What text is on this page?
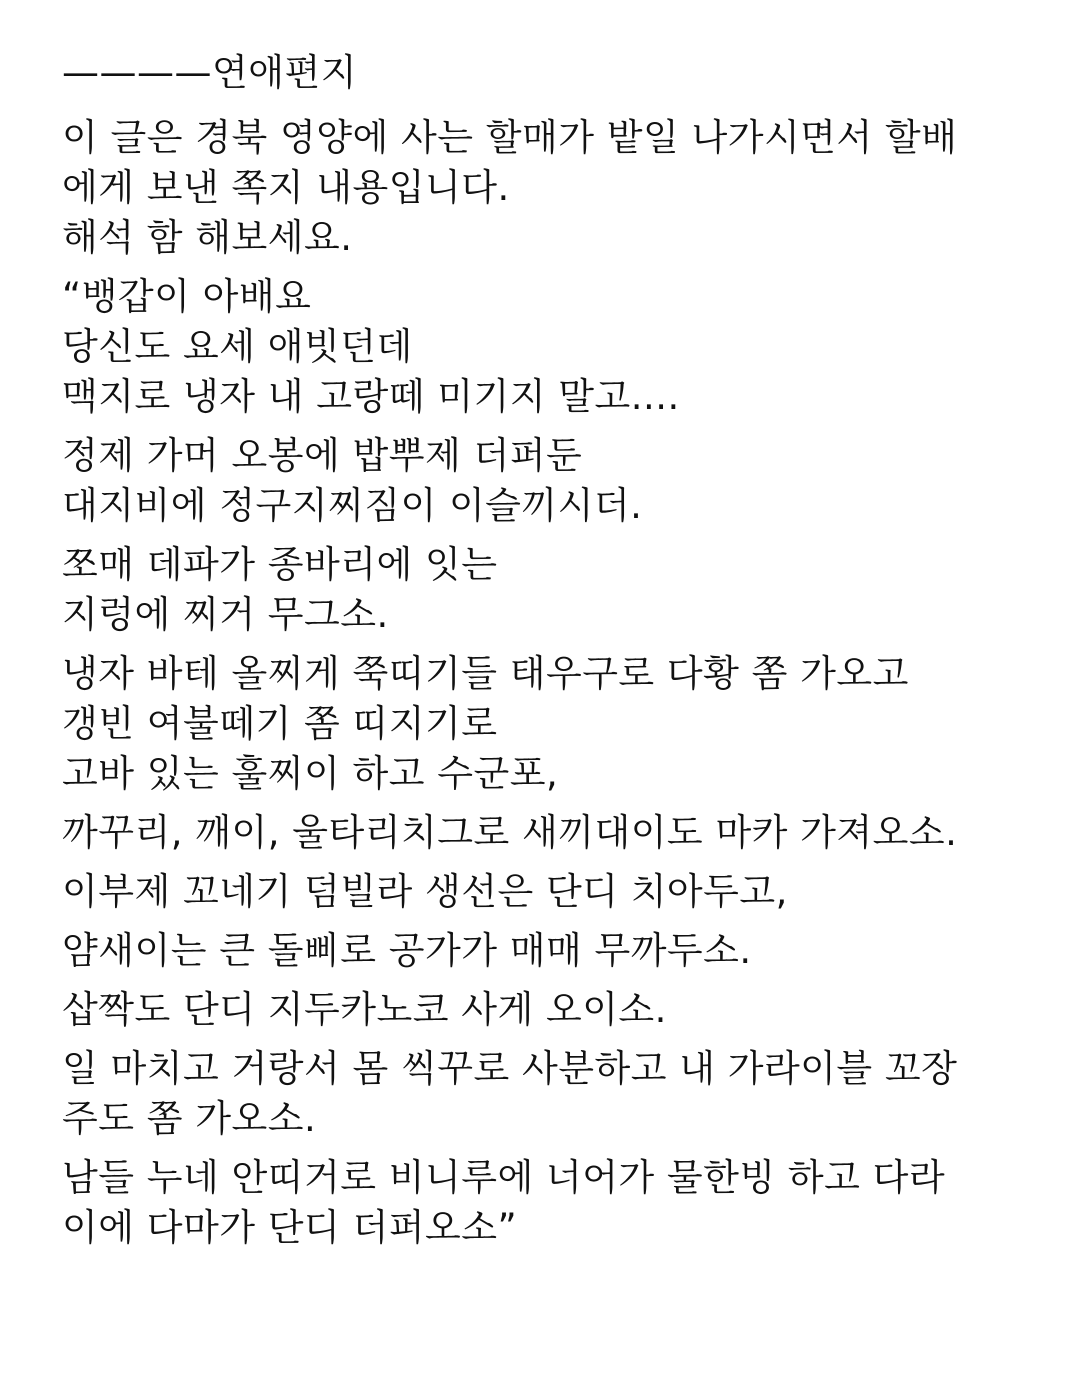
————연애편지
이 글은 경북 영양에 사는 할매가 밭일 나가시면서 할배
에게 보낸 쪽지 내용입니다.
해석 함 해보세요.
“뱅갑이 아배요
당신도 요세 애빗던데
맥지로 냉자 내 고랑떼 미기지 말고....
정제 가머 오봉에 밥뿌제 더퍼둔
대지비에 정구지찌짐이 이슬끼시더.
쪼매 데파가 종바리에 잇는
지렁에 찌거 무그소.
냉자 바테 올찌게 쭉띠기들 태우구로 다황 쫌 가오고
갱빈 여불떼기 쫌 띠지기로
고바 있는 훌찌이 하고 수군포,
까꾸리, 깨이, 울타리치그로 새끼대이도 마카 가져오소.
이부제 꼬네기 덤빌라 생선은 단디 치아두고,
얌새이는 큰 돌삐로 공가가 매매 무까두소.
삽짝도 단디 지두카노코 사게 오이소.
일 마치고 거랑서 몸 씩꾸로 사분하고 내 가라이블 꼬장
주도 쫌 가오소.
남들 누네 안띠거로 비니루에 너어가 물한빙 하고 다라
이에 다마가 단디 더퍼오소”
